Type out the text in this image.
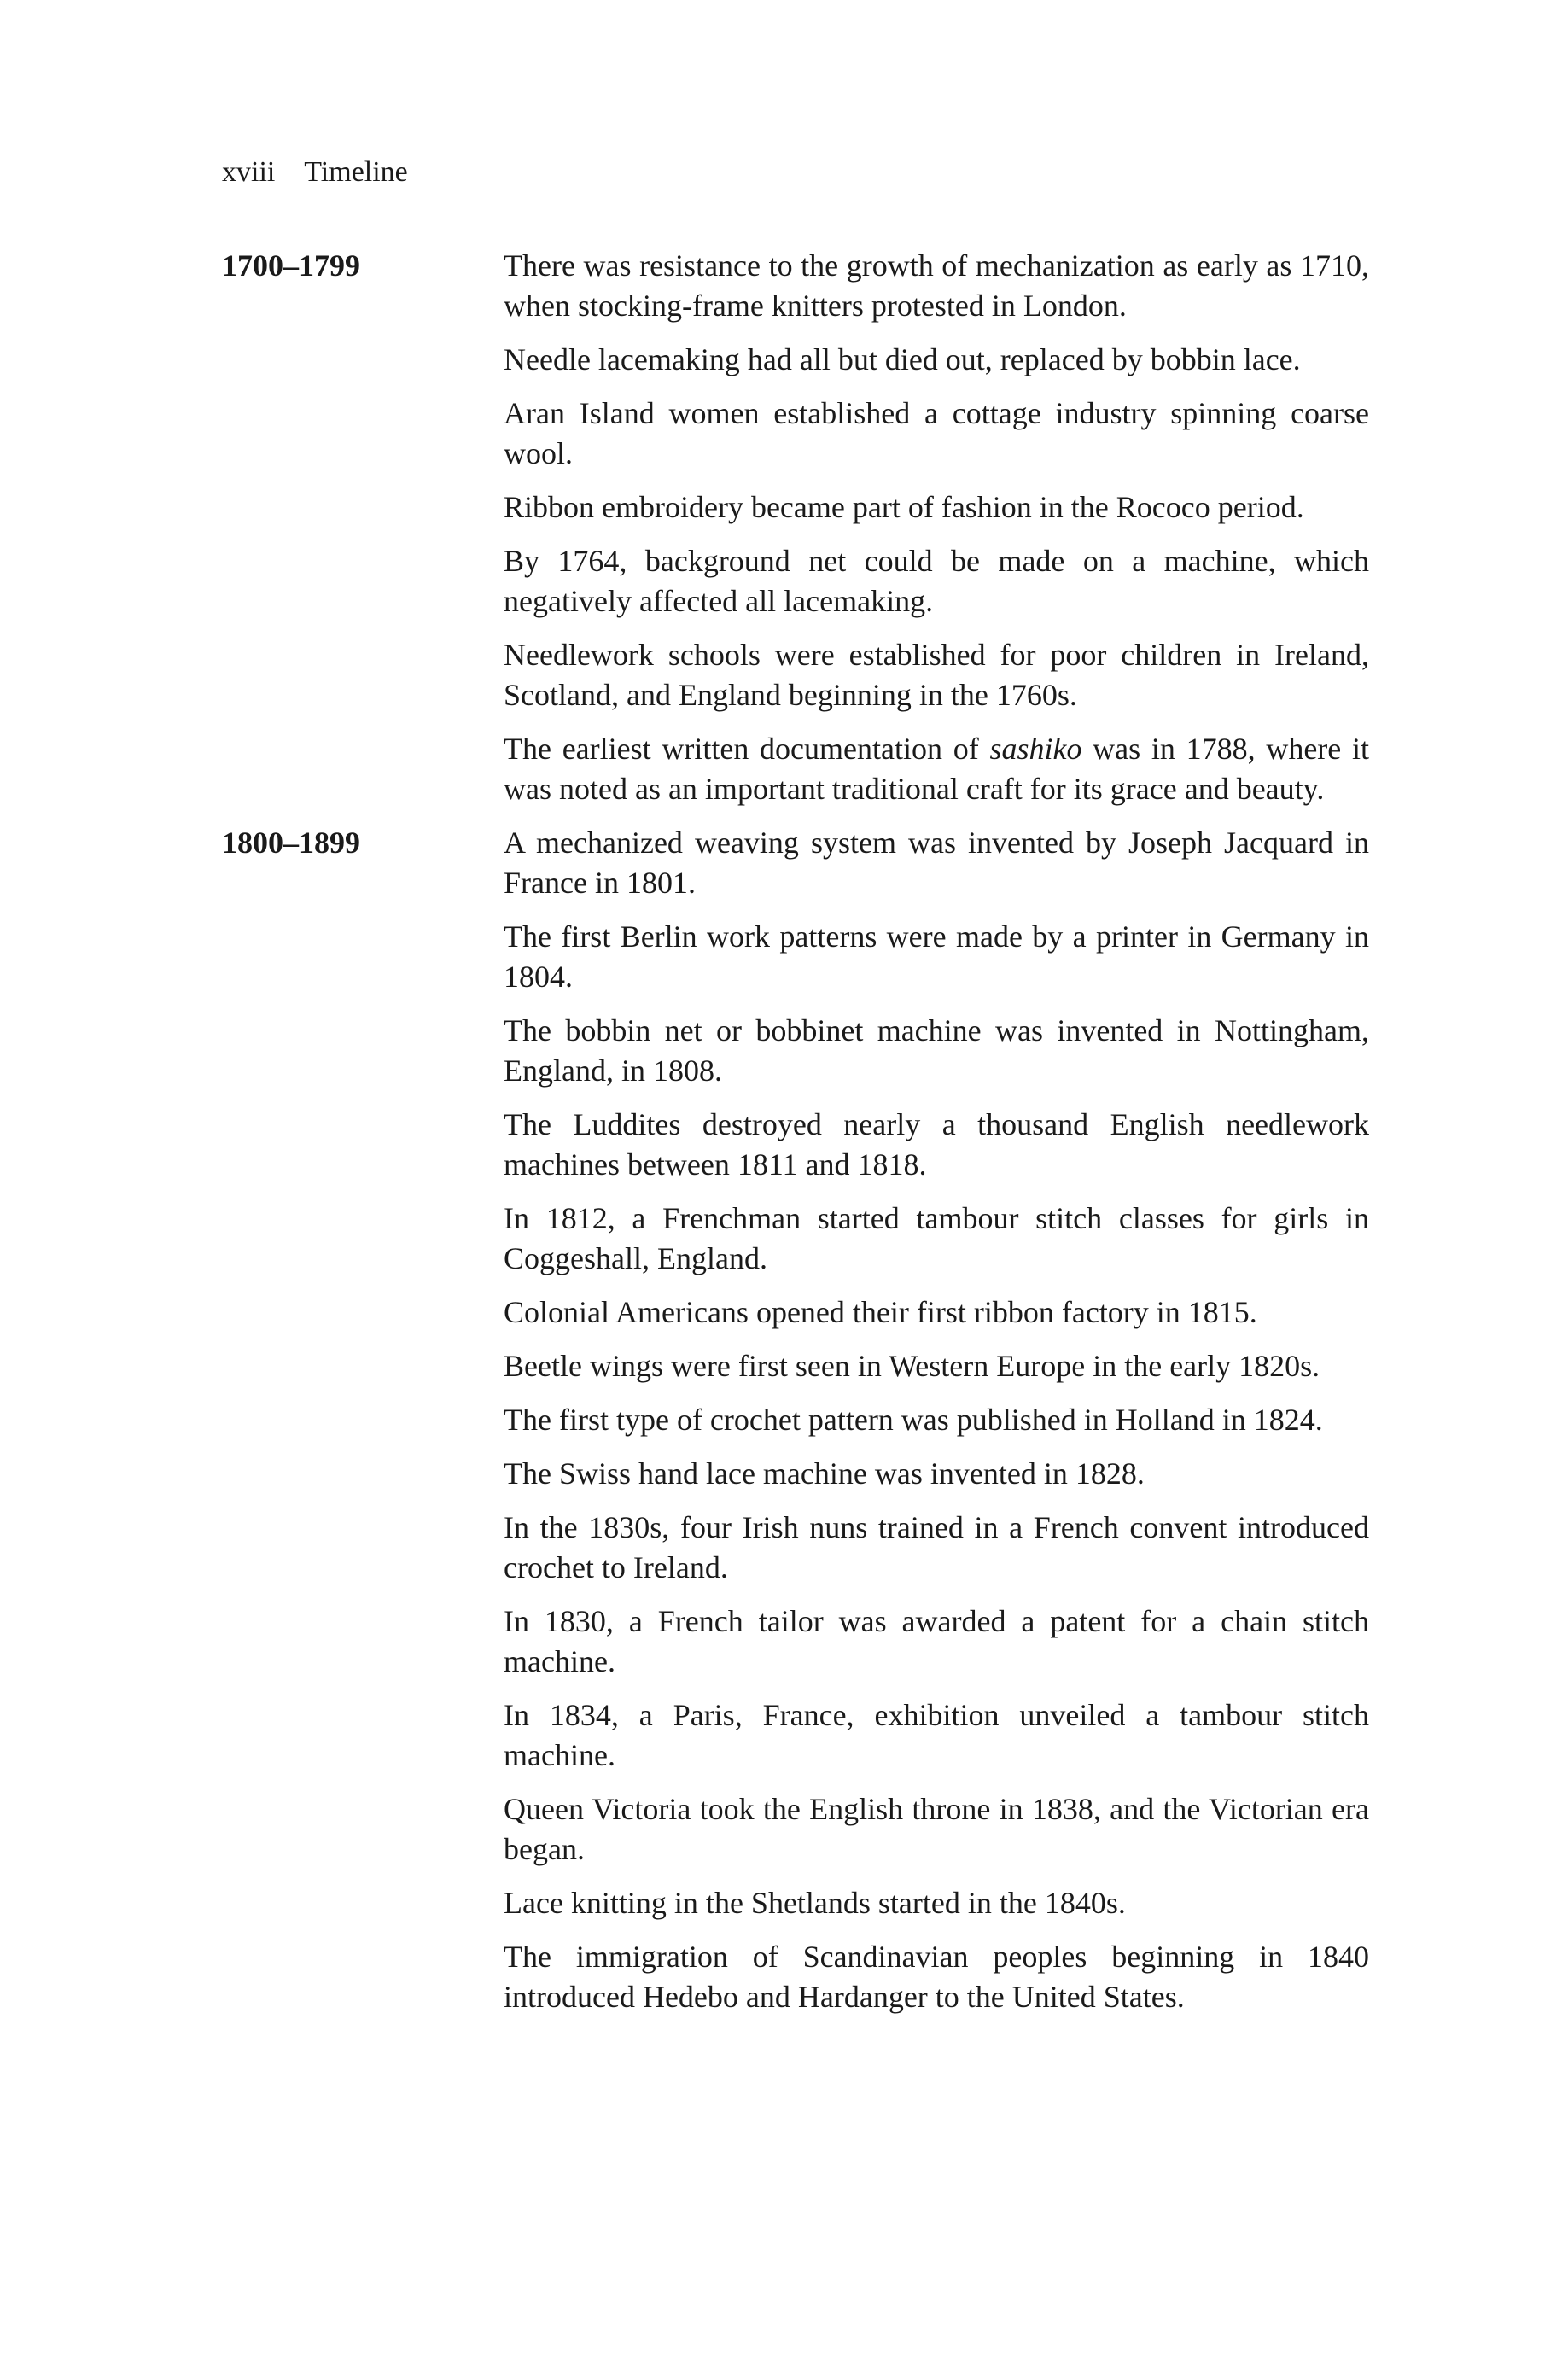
xviii Timeline
1700–1799	There was resistance to the growth of mechanization as early as 1710, when stocking-frame knitters protested in London.

Needle lacemaking had all but died out, replaced by bobbin lace.

Aran Island women established a cottage industry spinning coarse wool.

Ribbon embroidery became part of fashion in the Rococo period.

By 1764, background net could be made on a machine, which negatively affected all lacemaking.

Needlework schools were established for poor children in Ireland, Scotland, and England beginning in the 1760s.

The earliest written documentation of sashiko was in 1788, where it was noted as an important traditional craft for its grace and beauty.

1800–1899	A mechanized weaving system was invented by Joseph Jacquard in France in 1801.

The first Berlin work patterns were made by a printer in Germany in 1804.

The bobbin net or bobbinet machine was invented in Nottingham, England, in 1808.

The Luddites destroyed nearly a thousand English needlework machines between 1811 and 1818.

In 1812, a Frenchman started tambour stitch classes for girls in Coggeshall, England.

Colonial Americans opened their first ribbon factory in 1815.

Beetle wings were first seen in Western Europe in the early 1820s.

The first type of crochet pattern was published in Holland in 1824.

The Swiss hand lace machine was invented in 1828.

In the 1830s, four Irish nuns trained in a French convent introduced crochet to Ireland.

In 1830, a French tailor was awarded a patent for a chain stitch machine.

In 1834, a Paris, France, exhibition unveiled a tambour stitch machine.

Queen Victoria took the English throne in 1838, and the Victorian era began.

Lace knitting in the Shetlands started in the 1840s.

The immigration of Scandinavian peoples beginning in 1840 introduced Hedebo and Hardanger to the United States.
